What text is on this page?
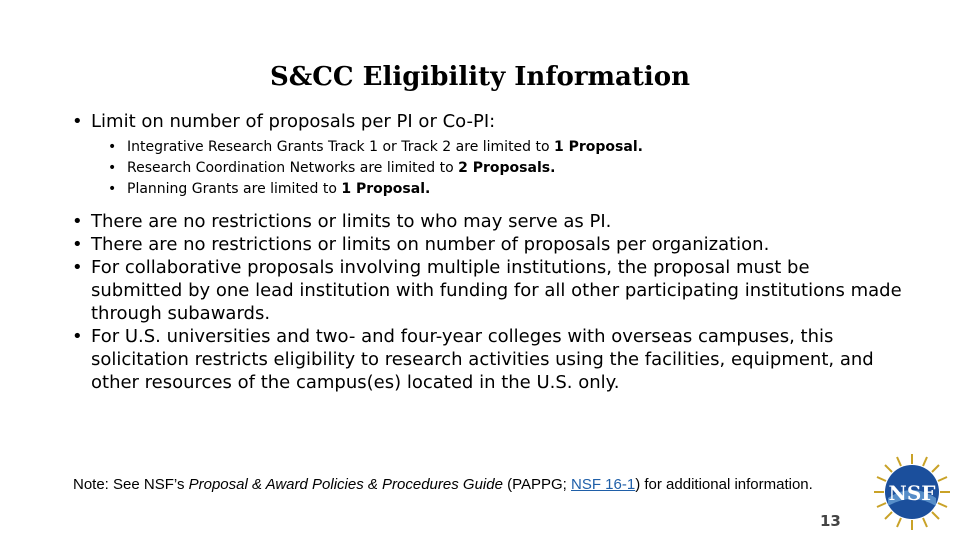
S&CC Eligibility Information
• Limit on number of proposals per PI or Co-PI:
• Integrative Research Grants Track 1 or Track 2 are limited to 1 Proposal.
• Research Coordination Networks are limited to 2 Proposals.
• Planning Grants are limited to 1 Proposal.
• There are no restrictions or limits to who may serve as PI.
• There are no restrictions or limits on number of proposals per organization.
• For collaborative proposals involving multiple institutions, the proposal must be submitted by one lead institution with funding for all other participating institutions made through subawards.
• For U.S. universities and two- and four-year colleges with overseas campuses, this solicitation restricts eligibility to research activities using the facilities, equipment, and other resources of the campus(es) located in the U.S. only.
Note: See NSF’s Proposal & Award Policies & Procedures Guide (PAPPG; NSF 16-1) for additional information.
13
NSF
